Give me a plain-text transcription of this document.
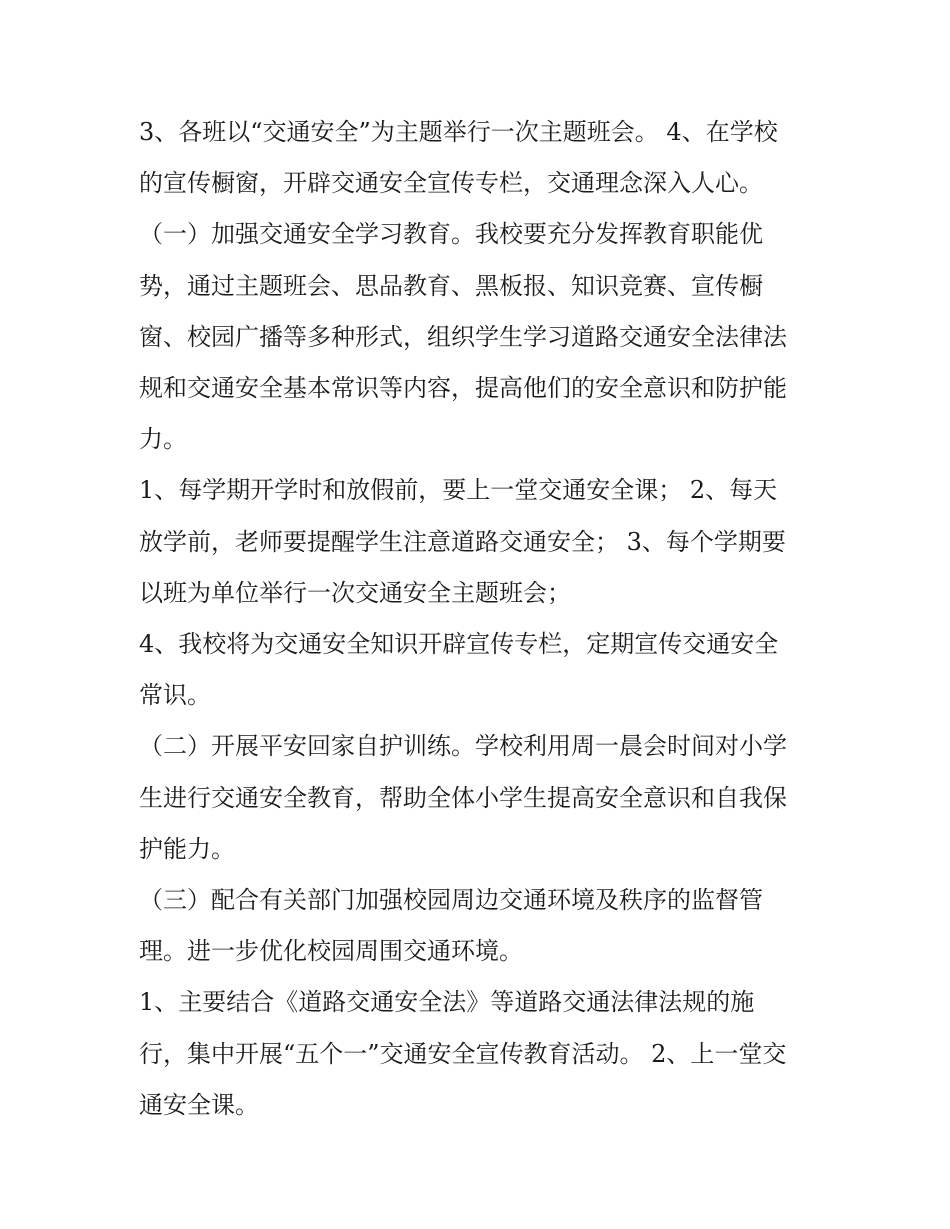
3、各班以“交通安全”为主题举行一次主题班会。 4、在学校
的宣传橱窗，开辟交通安全宣传专栏，交通理念深入人心。

（一）加强交通安全学习教育。我校要充分发挥教育职能优
势，通过主题班会、思品教育、黑板报、知识竞赛、宣传橱
窗、校园广播等多种形式，组织学生学习道路交通安全法律法
规和交通安全基本常识等内容，提高他们的安全意识和防护能
力。

1、每学期开学时和放假前，要上一堂交通安全课； 2、每天
放学前，老师要提醒学生注意道路交通安全； 3、每个学期要
以班为单位举行一次交通安全主题班会；

4、我校将为交通安全知识开辟宣传专栏，定期宣传交通安全
常识。

（二）开展平安回家自护训练。学校利用周一晨会时间对小学
生进行交通安全教育，帮助全体小学生提高安全意识和自我保
护能力。

（三）配合有关部门加强校园周边交通环境及秩序的监督管
理。进一步优化校园周围交通环境。

1、主要结合《道路交通安全法》等道路交通法律法规的施
行，集中开展“五个一”交通安全宣传教育活动。 2、上一堂交
通安全课。
